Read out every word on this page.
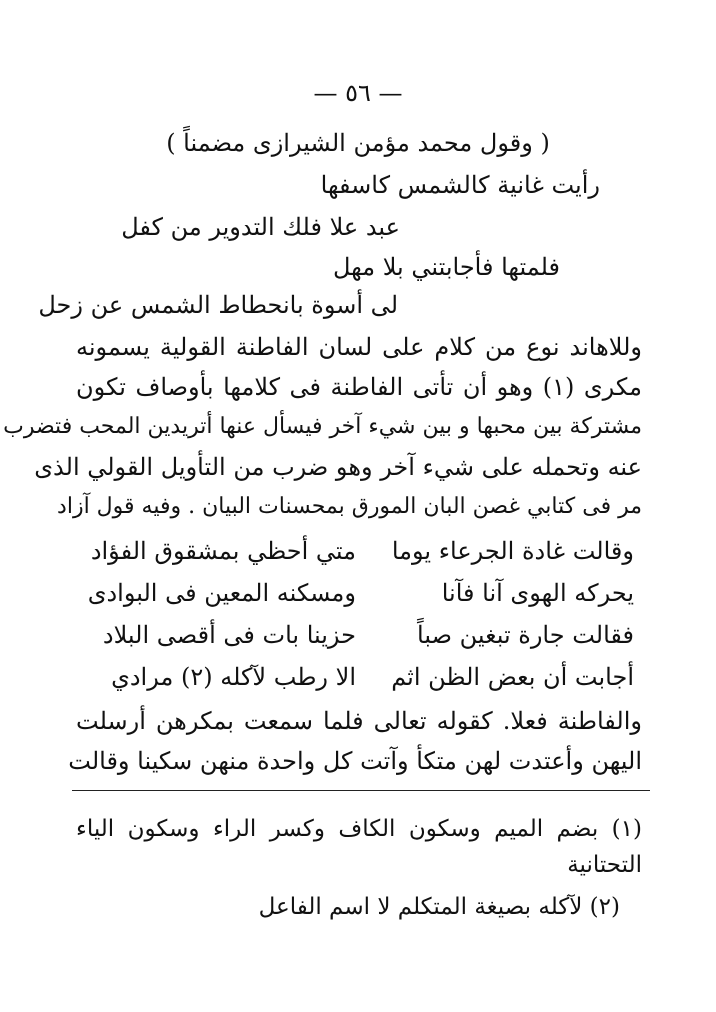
— ٥٦ —
( وقول محمد مؤمن الشيرازى مضمناً )
رأيت غانية كالشمس كاسفها
عبد علا فلك التدوير من كفل
فلمتها فأجابتني بلا مهل
لى أسوة بانحطاط الشمس عن زحل
وللاهاند نوع من كلام على لسان الفاطنة القولية يسمونه
مكرى (١) وهو أن تأتى الفاطنة فى كلامها بأوصاف تكون
مشتركة بين محبها و بين شيء آخر فيسأل عنها أتريدين المحب فتضرب
عنه وتحمله على شيء آخر وهو ضرب من التأويل القولي الذى
مر فى كتابي غصن البان المورق بمحسنات البيان . وفيه قول آزاد
وقالت غادة الجرعاء يوما
متي أحظي بمشقوق الفؤاد
يحركه الهوى آنا فآنا
ومسكنه المعين فى البوادى
فقالت جارة تبغين صباً
حزينا بات فى أقصى البلاد
أجابت أن بعض الظن اثم
الا رطب لآكله (٢) مرادي
والفاطنة فعلا. كقوله تعالى فلما سمعت بمكرهن أرسلت
اليهن وأعتدت لهن متكأ وآتت كل واحدة منهن سكينا وقالت
(١) بضم الميم وسكون الكاف وكسر الراء وسكون الياء
التحتانية
(٢) لآكله بصيغة المتكلم لا اسم الفاعل
